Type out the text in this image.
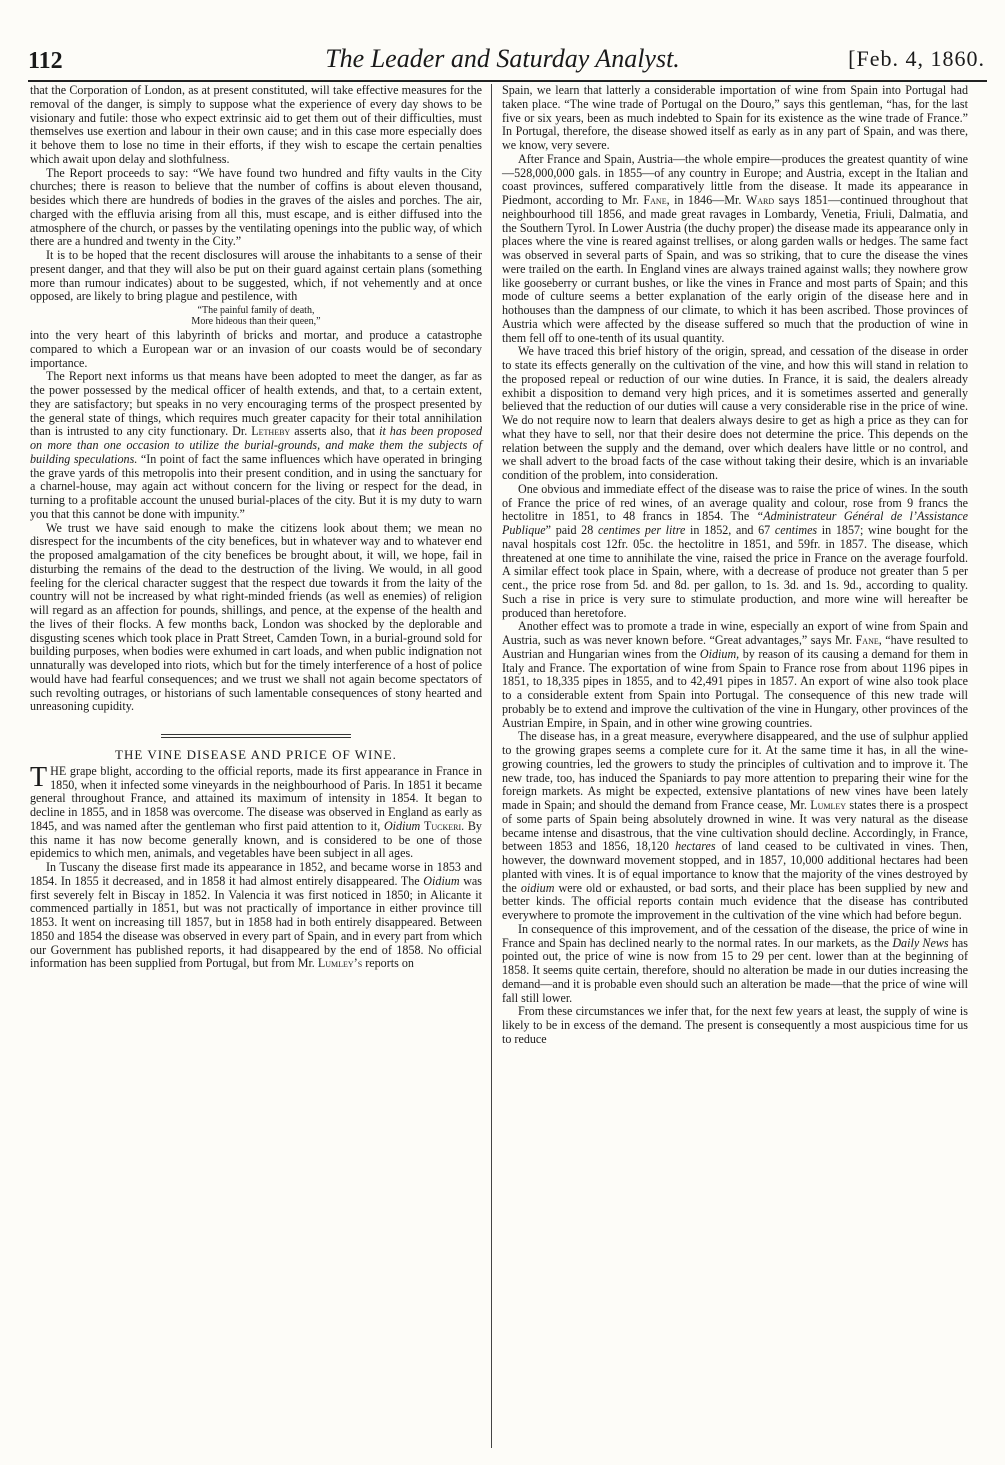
112	The Leader and Saturday Analyst.	[Feb. 4, 1860.

that the Corporation of London, as at present constituted, will take effective measures for the removal of the danger, is simply to suppose what the experience of every day shows to be visionary and futile: those who expect extrinsic aid to get them out of their difficulties, must themselves use exertion and labour in their own cause; and in this case more especially does it behove them to lose no time in their efforts, if they wish to escape the certain penalties which await upon delay and slothfulness.

The Report proceeds to say: “We have found two hundred and fifty vaults in the City churches; there is reason to believe that the number of coffins is about eleven thousand, besides which there are hundreds of bodies in the graves of the aisles and porches. The air, charged with the effluvia arising from all this, must escape, and is either diffused into the atmosphere of the church, or passes by the ventilating openings into the public way, of which there are a hundred and twenty in the City.”

It is to be hoped that the recent disclosures will arouse the inhabitants to a sense of their present danger, and that they will also be put on their guard against certain plans (something more than rumour indicates) about to be suggested, which, if not vehemently and at once opposed, are likely to bring plague and pestilence, with

“The painful family of death,
More hideous than their queen,”

into the very heart of this labyrinth of bricks and mortar, and produce a catastrophe compared to which a European war or an invasion of our coasts would be of secondary importance.

The Report next informs us that means have been adopted to meet the danger, as far as the power possessed by the medical officer of health extends, and that, to a certain extent, they are satisfactory; but speaks in no very encouraging terms of the prospect presented by the general state of things, which requires much greater capacity for their total annihilation than is intrusted to any city functionary. Dr. Letheby asserts also, that it has been proposed on more than one occasion to utilize the burial-grounds, and make them the subjects of building speculations. “In point of fact the same influences which have operated in bringing the grave yards of this metropolis into their present condition, and in using the sanctuary for a charnel-house, may again act without concern for the living or respect for the dead, in turning to a profitable account the unused burial-places of the city. But it is my duty to warn you that this cannot be done with impunity.”

We trust we have said enough to make the citizens look about them; we mean no disrespect for the incumbents of the city benefices, but in whatever way and to whatever end the proposed amalgamation of the city benefices be brought about, it will, we hope, fail in disturbing the remains of the dead to the destruction of the living. We would, in all good feeling for the clerical character suggest that the respect due towards it from the laity of the country will not be increased by what right-minded friends (as well as enemies) of religion will regard as an affection for pounds, shillings, and pence, at the expense of the health and the lives of their flocks. A few months back, London was shocked by the deplorable and disgusting scenes which took place in Pratt Street, Camden Town, in a burial-ground sold for building purposes, when bodies were exhumed in cart loads, and when public indignation not unnaturally was developed into riots, which but for the timely interference of a host of police would have had fearful consequences; and we trust we shall not again become spectators of such revolting outrages, or historians of such lamentable consequences of stony hearted and unreasoning cupidity.

THE VINE DISEASE AND PRICE OF WINE.

THE grape blight, according to the official reports, made its first appearance in France in 1850, when it infected some vineyards in the neighbourhood of Paris. In 1851 it became general throughout France, and attained its maximum of intensity in 1854. It began to decline in 1855, and in 1858 was overcome. The disease was observed in England as early as 1845, and was named after the gentleman who first paid attention to it, Oidium Tuckeri. By this name it has now become generally known, and is considered to be one of those epidemics to which men, animals, and vegetables have been subject in all ages.

In Tuscany the disease first made its appearance in 1852, and became worse in 1853 and 1854. In 1855 it decreased, and in 1858 it had almost entirely disappeared. The Oidium was first severely felt in Biscay in 1852. In Valencia it was first noticed in 1850; in Alicante it commenced partially in 1851, but was not practically of importance in either province till 1853. It went on increasing till 1857, but in 1858 had in both entirely disappeared. Between 1850 and 1854 the disease was observed in every part of Spain, and in every part from which our Government has published reports, it had disappeared by the end of 1858. No official information has been supplied from Portugal, but from Mr. Lumley’s reports on

Spain, we learn that latterly a considerable importation of wine from Spain into Portugal had taken place. “The wine trade of Portugal on the Douro,” says this gentleman, “has, for the last five or six years, been as much indebted to Spain for its existence as the wine trade of France.” In Portugal, therefore, the disease showed itself as early as in any part of Spain, and was there, we know, very severe.

After France and Spain, Austria—the whole empire—produces the greatest quantity of wine—528,000,000 gals. in 1855—of any country in Europe; and Austria, except in the Italian and coast provinces, suffered comparatively little from the disease. It made its appearance in Piedmont, according to Mr. Fane, in 1846—Mr. Ward says 1851—continued throughout that neighbourhood till 1856, and made great ravages in Lombardy, Venetia, Friuli, Dalmatia, and the Southern Tyrol. In Lower Austria (the duchy proper) the disease made its appearance only in places where the vine is reared against trellises, or along garden walls or hedges. The same fact was observed in several parts of Spain, and was so striking, that to cure the disease the vines were trailed on the earth. In England vines are always trained against walls; they nowhere grow like gooseberry or currant bushes, or like the vines in France and most parts of Spain; and this mode of culture seems a better explanation of the early origin of the disease here and in hothouses than the dampness of our climate, to which it has been ascribed. Those provinces of Austria which were affected by the disease suffered so much that the production of wine in them fell off to one-tenth of its usual quantity.

We have traced this brief history of the origin, spread, and cessation of the disease in order to state its effects generally on the cultivation of the vine, and how this will stand in relation to the proposed repeal or reduction of our wine duties. In France, it is said, the dealers already exhibit a disposition to demand very high prices, and it is sometimes asserted and generally believed that the reduction of our duties will cause a very considerable rise in the price of wine. We do not require now to learn that dealers always desire to get as high a price as they can for what they have to sell, nor that their desire does not determine the price. This depends on the relation between the supply and the demand, over which dealers have little or no control, and we shall advert to the broad facts of the case without taking their desire, which is an invariable condition of the problem, into consideration.

One obvious and immediate effect of the disease was to raise the price of wines. In the south of France the price of red wines, of an average quality and colour, rose from 9 francs the hectolitre in 1851, to 48 francs in 1854. The “Administrateur Général de l’Assistance Publique” paid 28 centimes per litre in 1852, and 67 centimes in 1857; wine bought for the naval hospitals cost 12fr. 05c. the hectolitre in 1851, and 59fr. in 1857. The disease, which threatened at one time to annihilate the vine, raised the price in France on the average fourfold. A similar effect took place in Spain, where, with a decrease of produce not greater than 5 per cent., the price rose from 5d. and 8d. per gallon, to 1s. 3d. and 1s. 9d., according to quality. Such a rise in price is very sure to stimulate production, and more wine will hereafter be produced than heretofore.

Another effect was to promote a trade in wine, especially an export of wine from Spain and Austria, such as was never known before. “Great advantages,” says Mr. Fane, “have resulted to Austrian and Hungarian wines from the Oidium, by reason of its causing a demand for them in Italy and France. The exportation of wine from Spain to France rose from about 1196 pipes in 1851, to 18,335 pipes in 1855, and to 42,491 pipes in 1857. An export of wine also took place to a considerable extent from Spain into Portugal. The consequence of this new trade will probably be to extend and improve the cultivation of the vine in Hungary, other provinces of the Austrian Empire, in Spain, and in other wine growing countries.

The disease has, in a great measure, everywhere disappeared, and the use of sulphur applied to the growing grapes seems a complete cure for it. At the same time it has, in all the wine-growing countries, led the growers to study the principles of cultivation and to improve it. The new trade, too, has induced the Spaniards to pay more attention to preparing their wine for the foreign markets. As might be expected, extensive plantations of new vines have been lately made in Spain; and should the demand from France cease, Mr. Lumley states there is a prospect of some parts of Spain being absolutely drowned in wine. It was very natural as the disease became intense and disastrous, that the vine cultivation should decline. Accordingly, in France, between 1853 and 1856, 18,120 hectares of land ceased to be cultivated in vines. Then, however, the downward movement stopped, and in 1857, 10,000 additional hectares had been planted with vines. It is of equal importance to know that the majority of the vines destroyed by the oidium were old or exhausted, or bad sorts, and their place has been supplied by new and better kinds. The official reports contain much evidence that the disease has contributed everywhere to promote the improvement in the cultivation of the vine which had before begun.

In consequence of this improvement, and of the cessation of the disease, the price of wine in France and Spain has declined nearly to the normal rates. In our markets, as the Daily News has pointed out, the price of wine is now from 15 to 29 per cent. lower than at the beginning of 1858. It seems quite certain, therefore, should no alteration be made in our duties increasing the demand—and it is probable even should such an alteration be made—that the price of wine will fall still lower.

From these circumstances we infer that, for the next few years at least, the supply of wine is likely to be in excess of the demand. The present is consequently a most auspicious time for us to reduce
